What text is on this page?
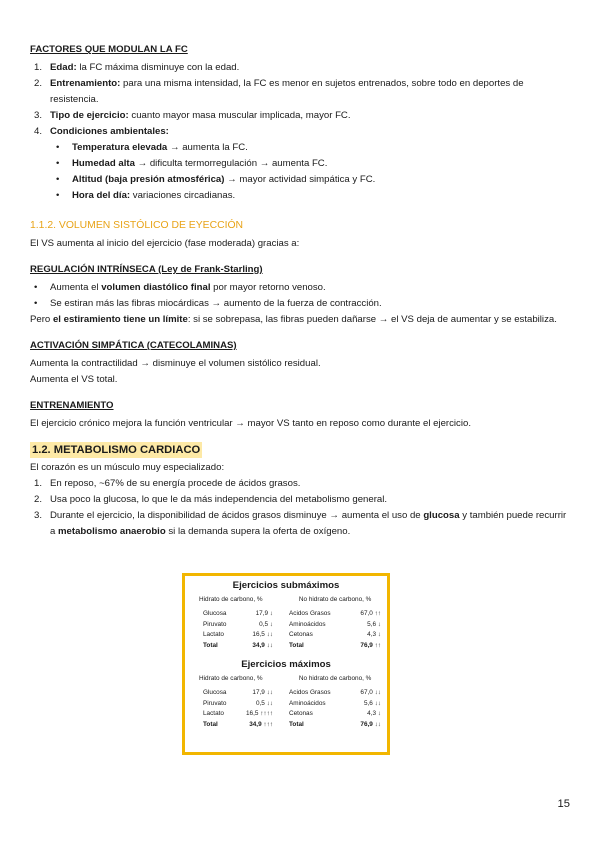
FACTORES QUE MODULAN LA FC
1. Edad: la FC máxima disminuye con la edad.
2. Entrenamiento: para una misma intensidad, la FC es menor en sujetos entrenados, sobre todo en deportes de resistencia.
3. Tipo de ejercicio: cuanto mayor masa muscular implicada, mayor FC.
4. Condiciones ambientales:
• Temperatura elevada → aumenta la FC.
• Humedad alta → dificulta termorregulación → aumenta FC.
• Altitud (baja presión atmosférica) → mayor actividad simpática y FC.
• Hora del día: variaciones circadianas.
1.1.2. VOLUMEN SISTÓLICO DE EYECCIÓN
El VS aumenta al inicio del ejercicio (fase moderada) gracias a:
REGULACIÓN INTRÍNSECA (Ley de Frank-Starling)
• Aumenta el volumen diastólico final por mayor retorno venoso.
• Se estiran más las fibras miocárdicas → aumento de la fuerza de contracción.
Pero el estiramiento tiene un límite: si se sobrepasa, las fibras pueden dañarse → el VS deja de aumentar y se estabiliza.
ACTIVACIÓN SIMPÁTICA (CATECOLAMINAS)
Aumenta la contractilidad → disminuye el volumen sistólico residual.
Aumenta el VS total.
ENTRENAMIENTO
El ejercicio crónico mejora la función ventricular → mayor VS tanto en reposo como durante el ejercicio.
1.2. METABOLISMO CARDIACO
El corazón es un músculo muy especializado:
1. En reposo, ~67% de su energía procede de ácidos grasos.
2. Usa poco la glucosa, lo que le da más independencia del metabolismo general.
3. Durante el ejercicio, la disponibilidad de ácidos grasos disminuye → aumenta el uso de glucosa y también puede recurrir a metabolismo anaerobio si la demanda supera la oferta de oxígeno.
Ejercicios submáximos
Hidrato de carbono, %	No hidrato de carbono, %
Glucosa	17,9 ↓	Acidos Grasos	67,0 ↑↑
Piruvato	0,5 ↓	Aminoácidos	5,6 ↓
Lactato	16,5 ↓↓	Cetonas	4,3 ↓
Total	34,9 ↓↓	Total	76,9 ↑↑
Ejercicios máximos
Hidrato de carbono, %	No hidrato de carbono, %
Glucosa	17,9 ↓↓	Acidos Grasos	67,0 ↓↓
Piruvato	0,5 ↓↓	Aminoácidos	5,6 ↓↓
Lactato	16,5 ↑↑↑↑	Cetonas	4,3 ↓
Total	34,9 ↑↑↑	Total	76,9 ↓↓
15
